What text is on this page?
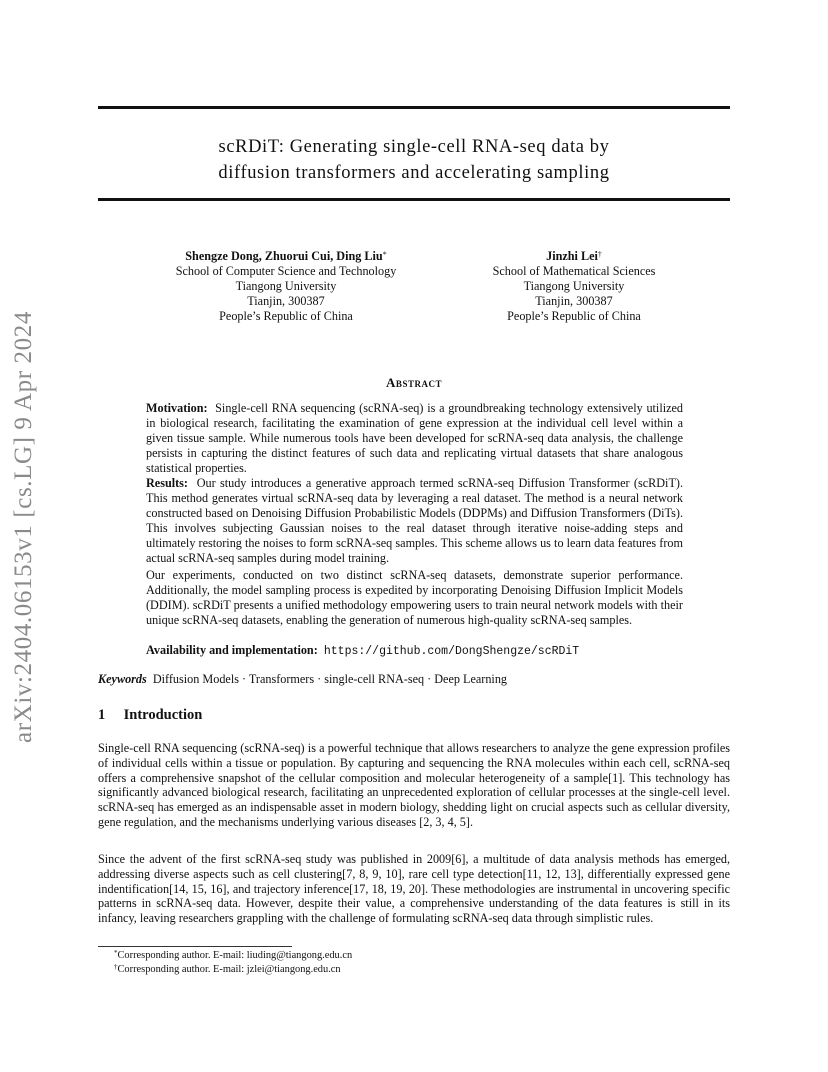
scRDiT: Generating single-cell RNA-seq data by
diffusion transformers and accelerating sampling
arXiv:2404.06153v1 [cs.LG] 9 Apr 2024
Shengze Dong, Zhuorui Cui, Ding Liu*
School of Computer Science and Technology
Tiangong University
Tianjin, 300387
People’s Republic of China
Jinzhi Lei†
School of Mathematical Sciences
Tiangong University
Tianjin, 300387
People’s Republic of China
Abstract
Motivation: Single-cell RNA sequencing (scRNA-seq) is a groundbreaking technology extensively utilized in biological research, facilitating the examination of gene expression at the individual cell level within a given tissue sample. While numerous tools have been developed for scRNA-seq data analysis, the challenge persists in capturing the distinct features of such data and replicating virtual datasets that share analogous statistical properties.
Results: Our study introduces a generative approach termed scRNA-seq Diffusion Transformer (scRDiT). This method generates virtual scRNA-seq data by leveraging a real dataset. The method is a neural network constructed based on Denoising Diffusion Probabilistic Models (DDPMs) and Diffusion Transformers (DiTs). This involves subjecting Gaussian noises to the real dataset through iterative noise-adding steps and ultimately restoring the noises to form scRNA-seq samples. This scheme allows us to learn data features from actual scRNA-seq samples during model training.
Our experiments, conducted on two distinct scRNA-seq datasets, demonstrate superior performance. Additionally, the model sampling process is expedited by incorporating Denoising Diffusion Implicit Models (DDIM). scRDiT presents a unified methodology empowering users to train neural network models with their unique scRNA-seq datasets, enabling the generation of numerous high-quality scRNA-seq samples.
Availability and implementation: https://github.com/DongShengze/scRDiT
Keywords Diffusion Models · Transformers · single-cell RNA-seq · Deep Learning
1 Introduction
Single-cell RNA sequencing (scRNA-seq) is a powerful technique that allows researchers to analyze the gene expression profiles of individual cells within a tissue or population. By capturing and sequencing the RNA molecules within each cell, scRNA-seq offers a comprehensive snapshot of the cellular composition and molecular heterogeneity of a sample[1]. This technology has significantly advanced biological research, facilitating an unprecedented exploration of cellular processes at the single-cell level. scRNA-seq has emerged as an indispensable asset in modern biology, shedding light on crucial aspects such as cellular diversity, gene regulation, and the mechanisms underlying various diseases [2, 3, 4, 5].
Since the advent of the first scRNA-seq study was published in 2009[6], a multitude of data analysis methods has emerged, addressing diverse aspects such as cell clustering[7, 8, 9, 10], rare cell type detection[11, 12, 13], differentially expressed gene indentification[14, 15, 16], and trajectory inference[17, 18, 19, 20]. These methodologies are instrumental in uncovering specific patterns in scRNA-seq data. However, despite their value, a comprehensive understanding of the data features is still in its infancy, leaving researchers grappling with the challenge of formulating scRNA-seq data through simplistic rules.
*Corresponding author. E-mail: liuding@tiangong.edu.cn
†Corresponding author. E-mail: jzlei@tiangong.edu.cn
